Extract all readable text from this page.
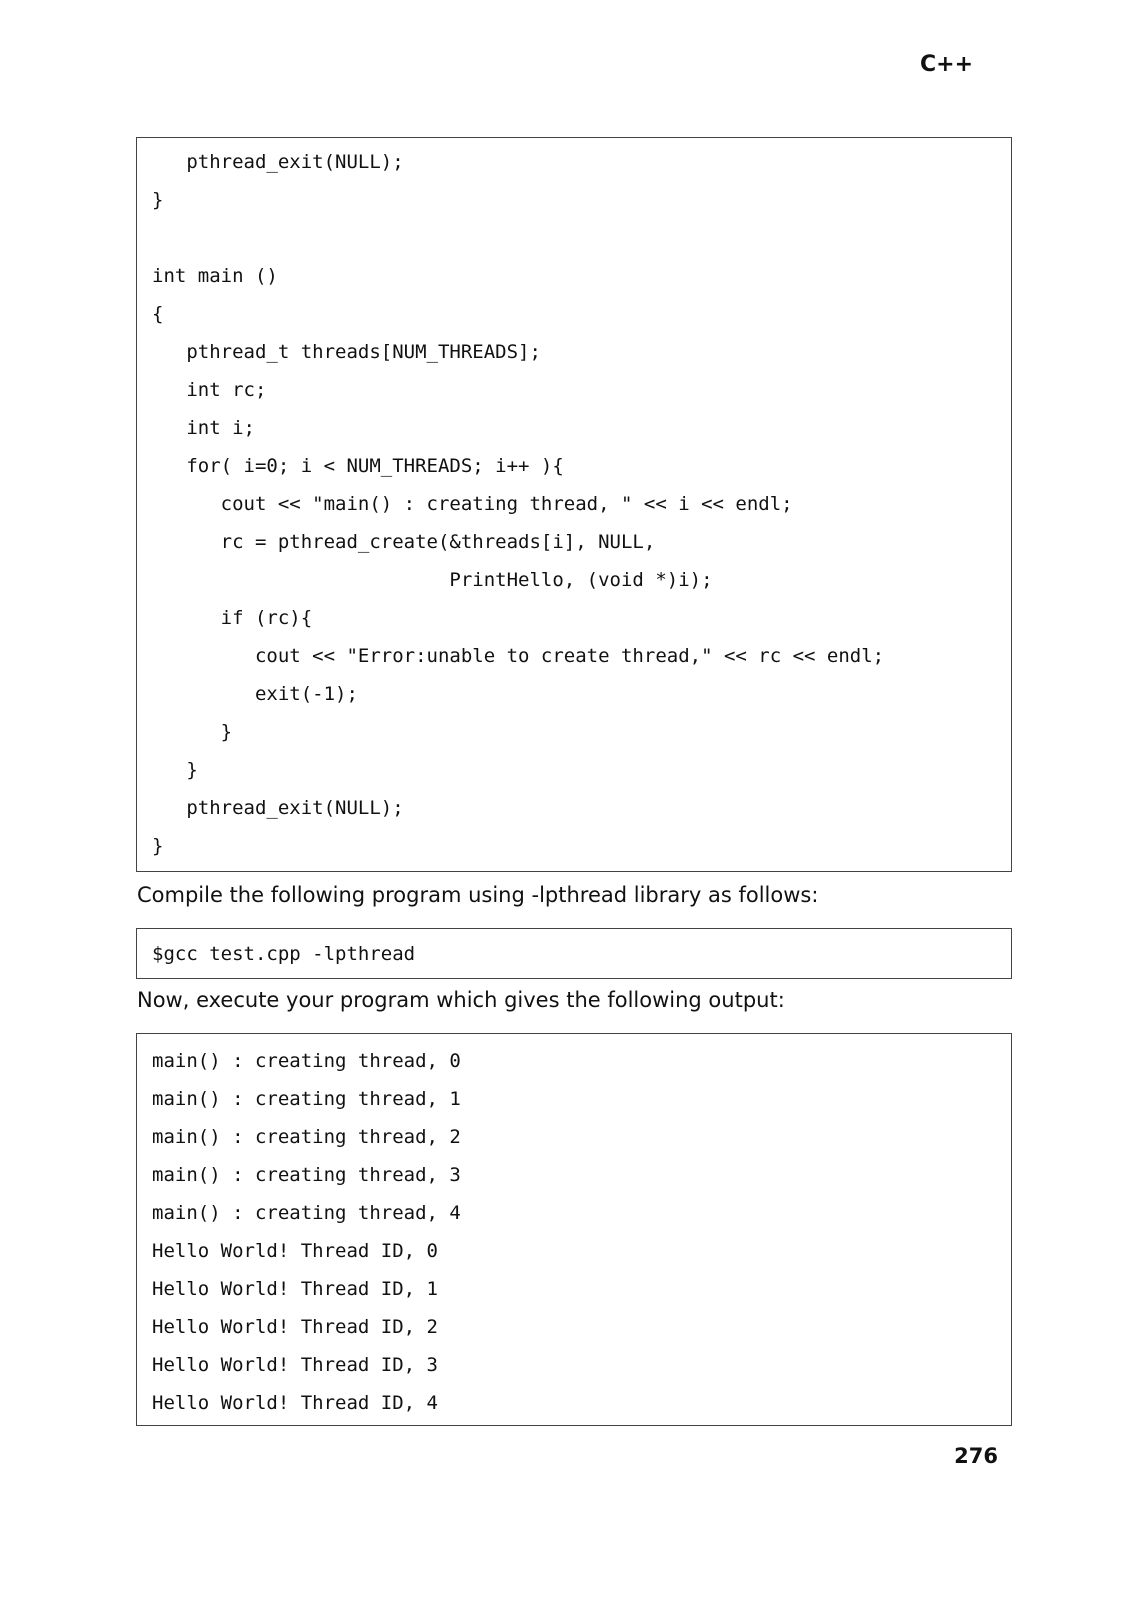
C++
pthread_exit(NULL);
}
int main ()
{
pthread_t threads[NUM_THREADS];
int rc;
int i;
for( i=0; i < NUM_THREADS; i++ ){
cout << "main() : creating thread, " << i << endl;
rc = pthread_create(&threads[i], NULL,
PrintHello, (void *)i);
if (rc){
cout << "Error:unable to create thread," << rc << endl;
exit(-1);
}
}
pthread_exit(NULL);
}

Compile the following program using -lpthread library as follows:

$gcc test.cpp -lpthread

Now, execute your program which gives the following output:

main() : creating thread, 0
main() : creating thread, 1
main() : creating thread, 2
main() : creating thread, 3
main() : creating thread, 4
Hello World! Thread ID, 0
Hello World! Thread ID, 1
Hello World! Thread ID, 2
Hello World! Thread ID, 3
Hello World! Thread ID, 4
276
